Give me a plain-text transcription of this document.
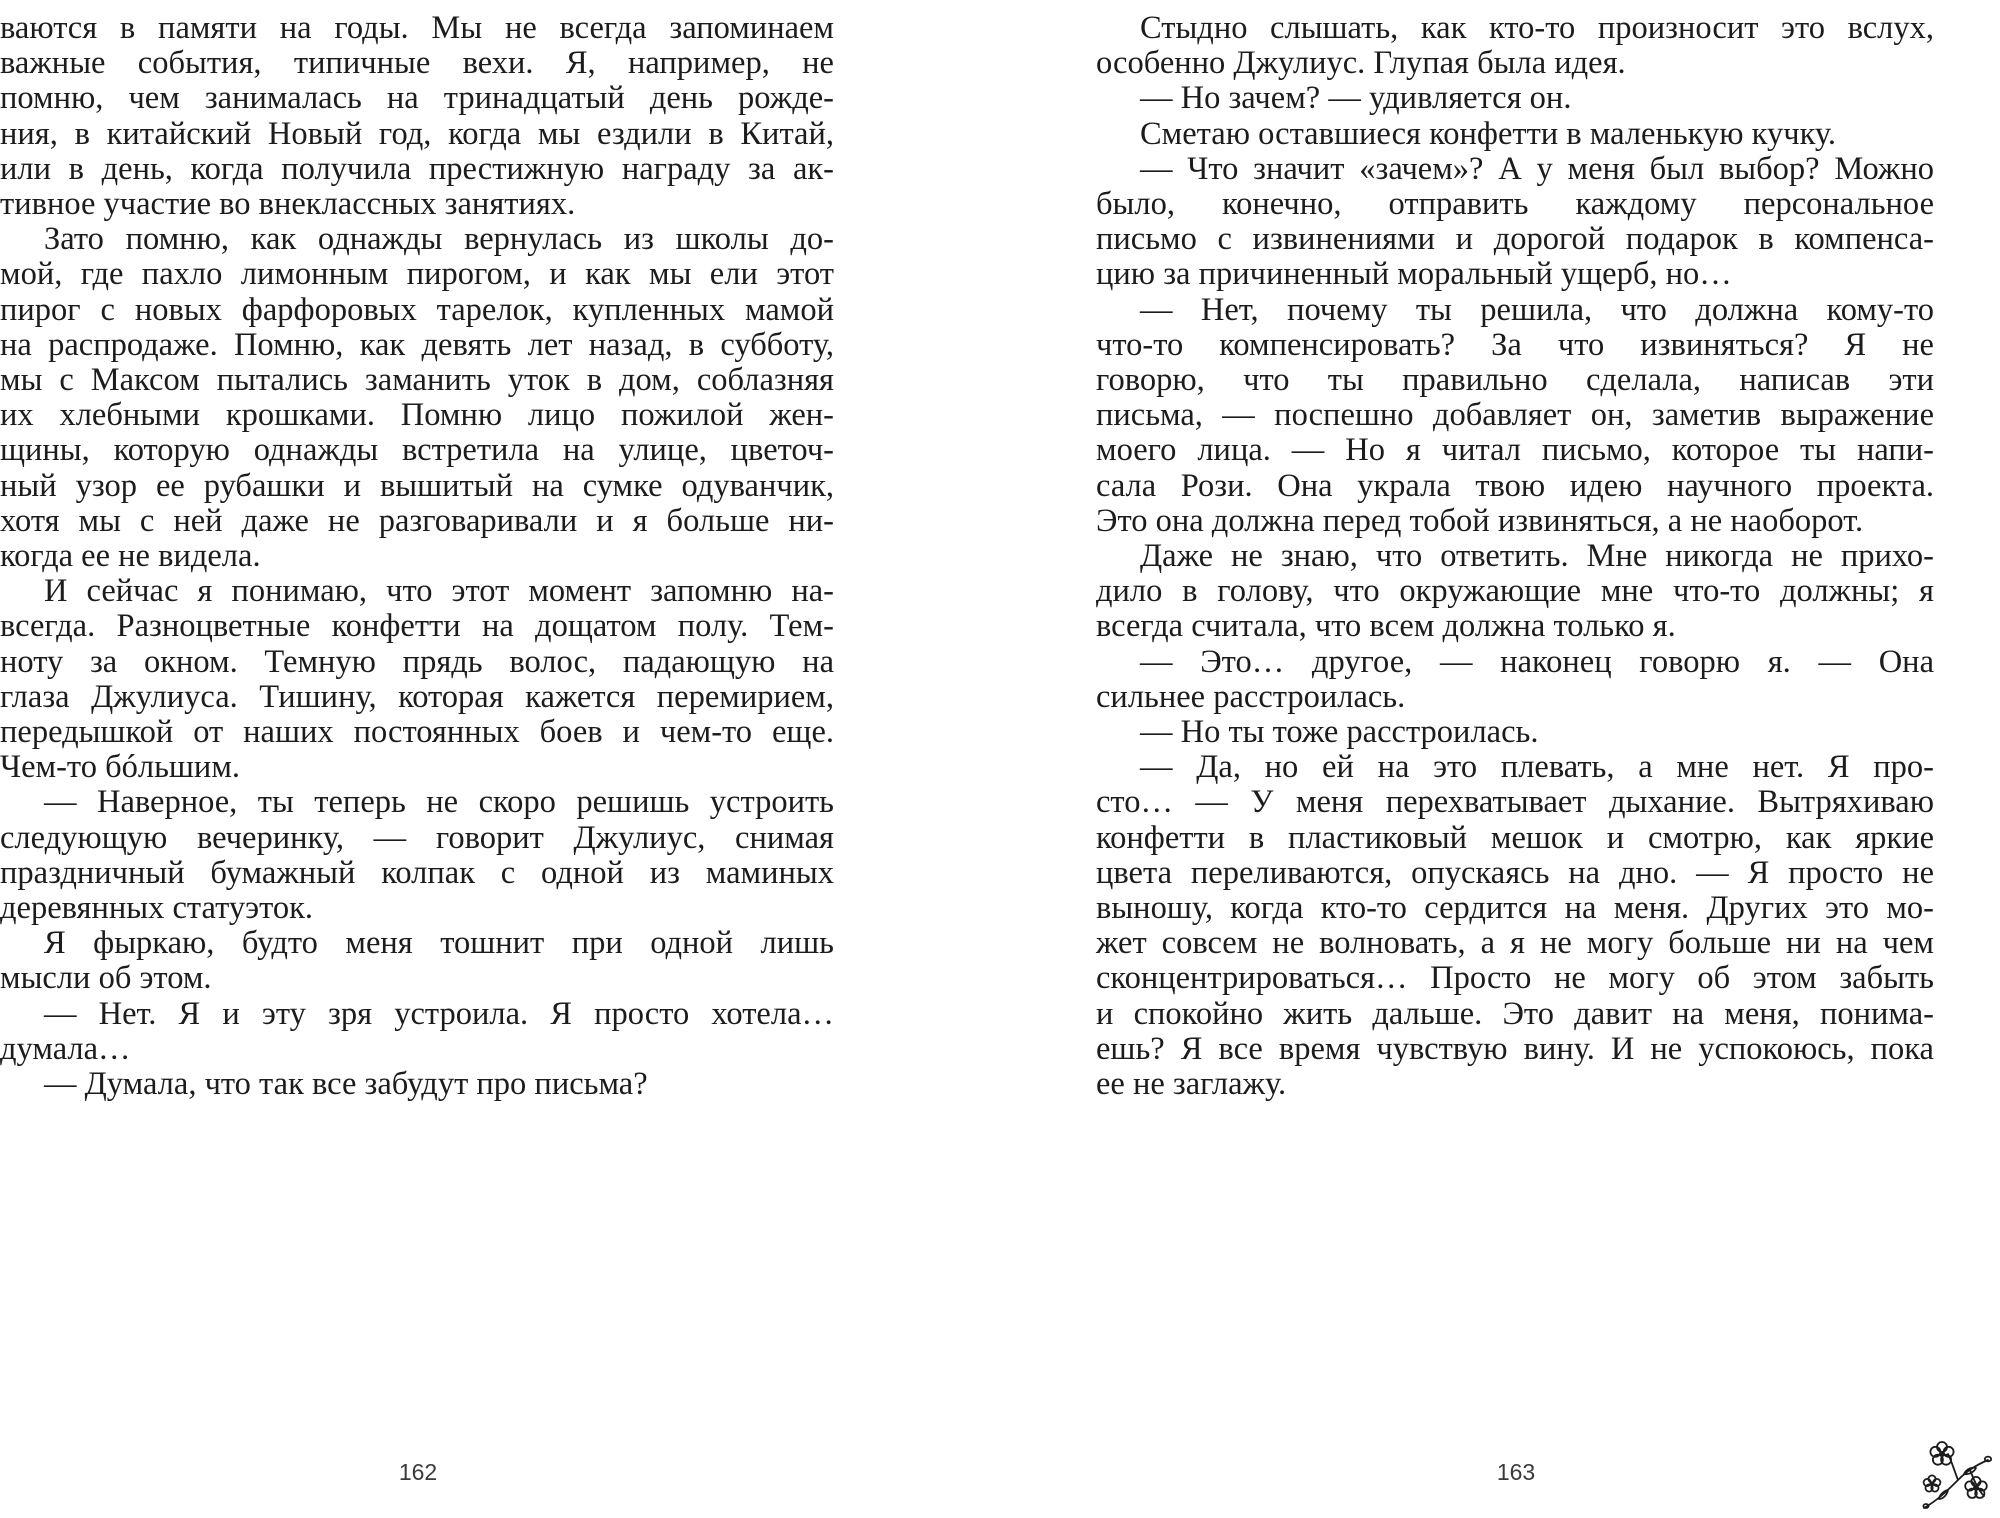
ваются в памяти на годы. Мы не всегда запоминаем
важные события, типичные вехи. Я, например, не
помню, чем занималась на тринадцатый день рожде-
ния, в китайский Новый год, когда мы ездили в Китай,
или в день, когда получила престижную награду за ак-
тивное участие во внеклассных занятиях.
Зато помню, как однажды вернулась из школы до-
мой, где пахло лимонным пирогом, и как мы ели этот
пирог с новых фарфоровых тарелок, купленных мамой
на распродаже. Помню, как девять лет назад, в субботу,
мы с Максом пытались заманить уток в дом, соблазняя
их хлебными крошками. Помню лицо пожилой жен-
щины, которую однажды встретила на улице, цветоч-
ный узор ее рубашки и вышитый на сумке одуванчик,
хотя мы с ней даже не разговаривали и я больше ни-
когда ее не видела.
И сейчас я понимаю, что этот момент запомню на-
всегда. Разноцветные конфетти на дощатом полу. Тем-
ноту за окном. Темную прядь волос, падающую на
глаза Джулиуса. Тишину, которая кажется перемирием,
передышкой от наших постоянных боев и чем-то еще.
Чем-то бóльшим.
— Наверное, ты теперь не скоро решишь устроить
следующую вечеринку, — говорит Джулиус, снимая
праздничный бумажный колпак с одной из маминых
деревянных статуэток.
Я фыркаю, будто меня тошнит при одной лишь
мысли об этом.
— Нет. Я и эту зря устроила. Я просто хотела…
думала…
— Думала, что так все забудут про письма?
162
Стыдно слышать, как кто-то произносит это вслух,
особенно Джулиус. Глупая была идея.
— Но зачем? — удивляется он.
Сметаю оставшиеся конфетти в маленькую кучку.
— Что значит «зачем»? А у меня был выбор? Можно
было, конечно, отправить каждому персональное
письмо с извинениями и дорогой подарок в компенса-
цию за причиненный моральный ущерб, но…
— Нет, почему ты решила, что должна кому-то
что-то компенсировать? За что извиняться? Я не
говорю, что ты правильно сделала, написав эти
письма, — поспешно добавляет он, заметив выражение
моего лица. — Но я читал письмо, которое ты напи-
сала Рози. Она украла твою идею научного проекта.
Это она должна перед тобой извиняться, а не наоборот.
Даже не знаю, что ответить. Мне никогда не прихо-
дило в голову, что окружающие мне что-то должны; я
всегда считала, что всем должна только я.
— Это… другое, — наконец говорю я. — Она
сильнее расстроилась.
— Но ты тоже расстроилась.
— Да, но ей на это плевать, а мне нет. Я про-
сто… — У меня перехватывает дыхание. Вытряхиваю
конфетти в пластиковый мешок и смотрю, как яркие
цвета переливаются, опускаясь на дно. — Я просто не
выношу, когда кто-то сердится на меня. Других это мо-
жет совсем не волновать, а я не могу больше ни на чем
сконцентрироваться… Просто не могу об этом забыть
и спокойно жить дальше. Это давит на меня, понима-
ешь? Я все время чувствую вину. И не успокоюсь, пока
ее не заглажу.
163
